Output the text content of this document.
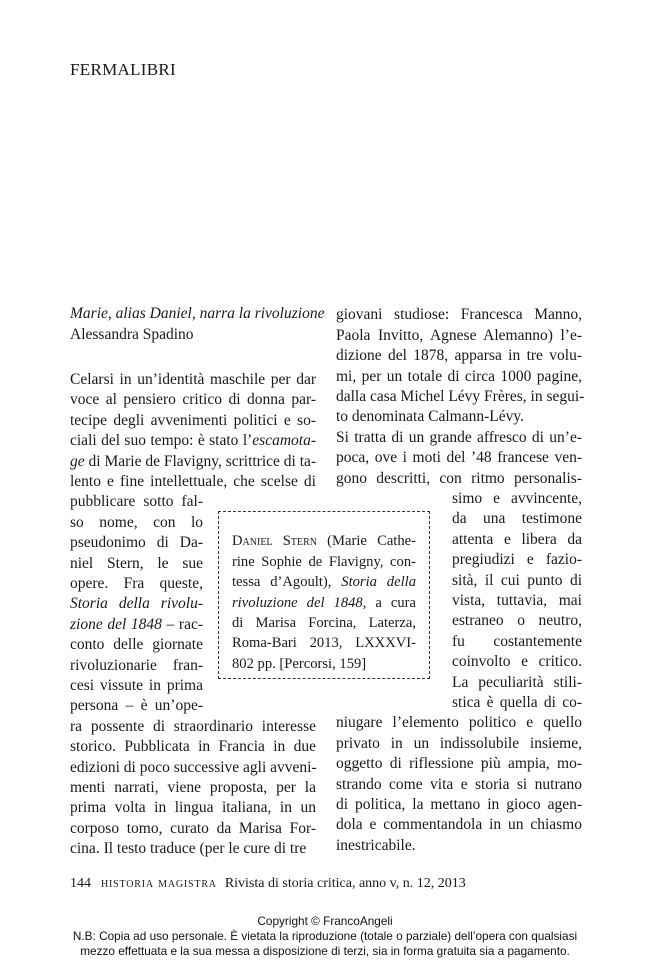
FERMALIBRI
Marie, alias Daniel, narra la rivoluzione
Alessandra Spadino
Celarsi in un’identità maschile per dar
voce al pensiero critico di donna par-
tecipe degli avvenimenti politici e so-
ciali del suo tempo: è stato l’escamota-
ge di Marie de Flavigny, scrittrice di ta-
lento e fine intellettuale, che scelse di
pubblicare sotto fal-
so nome, con lo
pseudonimo di Da-
niel Stern, le sue
opere. Fra queste,
Storia della rivolu-
zione del 1848 – rac-
conto delle giornate
rivoluzionarie fran-
cesi vissute in prima
persona – è un’ope-
ra possente di straordinario interesse
storico. Pubblicata in Francia in due
edizioni di poco successive agli avveni-
menti narrati, viene proposta, per la
prima volta in lingua italiana, in un
corposo tomo, curato da Marisa For-
cina. Il testo traduce (per le cure di tre
giovani studiose: Francesca Manno,
Paola Invitto, Agnese Alemanno) l’e-
dizione del 1878, apparsa in tre volu-
mi, per un totale di circa 1000 pagine,
dalla casa Michel Lévy Frères, in segui-
to denominata Calmann-Lévy.
Si tratta di un grande affresco di un’e-
poca, ove i moti del ’48 francese ven-
gono descritti, con ritmo personalis-
simo e avvincente,
da una testimone
attenta e libera da
pregiudizi e fazio-
sità, il cui punto di
vista, tuttavia, mai
estraneo o neutro,
fu costantemente
coinvolto e critico.
La peculiarità stili-
stica è quella di co-
niugare l’elemento politico e quello
privato in un indissolubile insieme,
oggetto di riflessione più ampia, mo-
strando come vita e storia si nutrano
di politica, la mettano in gioco agen-
dola e commentandola in un chiasmo
inestricabile.
Daniel Stern (Marie Cathe-
rine Sophie de Flavigny, con-
tessa d’Agoult), Storia della
rivoluzione del 1848, a cura
di Marisa Forcina, Laterza,
Roma-Bari 2013, LXXXVI-
802 pp. [Percorsi, 159]
144 historia magistra Rivista di storia critica, anno v, n. 12, 2013
Copyright © FrancoAngeli
N.B: Copia ad uso personale. È vietata la riproduzione (totale o parziale) dell’opera con qualsiasi
mezzo effettuata e la sua messa a disposizione di terzi, sia in forma gratuita sia a pagamento.
